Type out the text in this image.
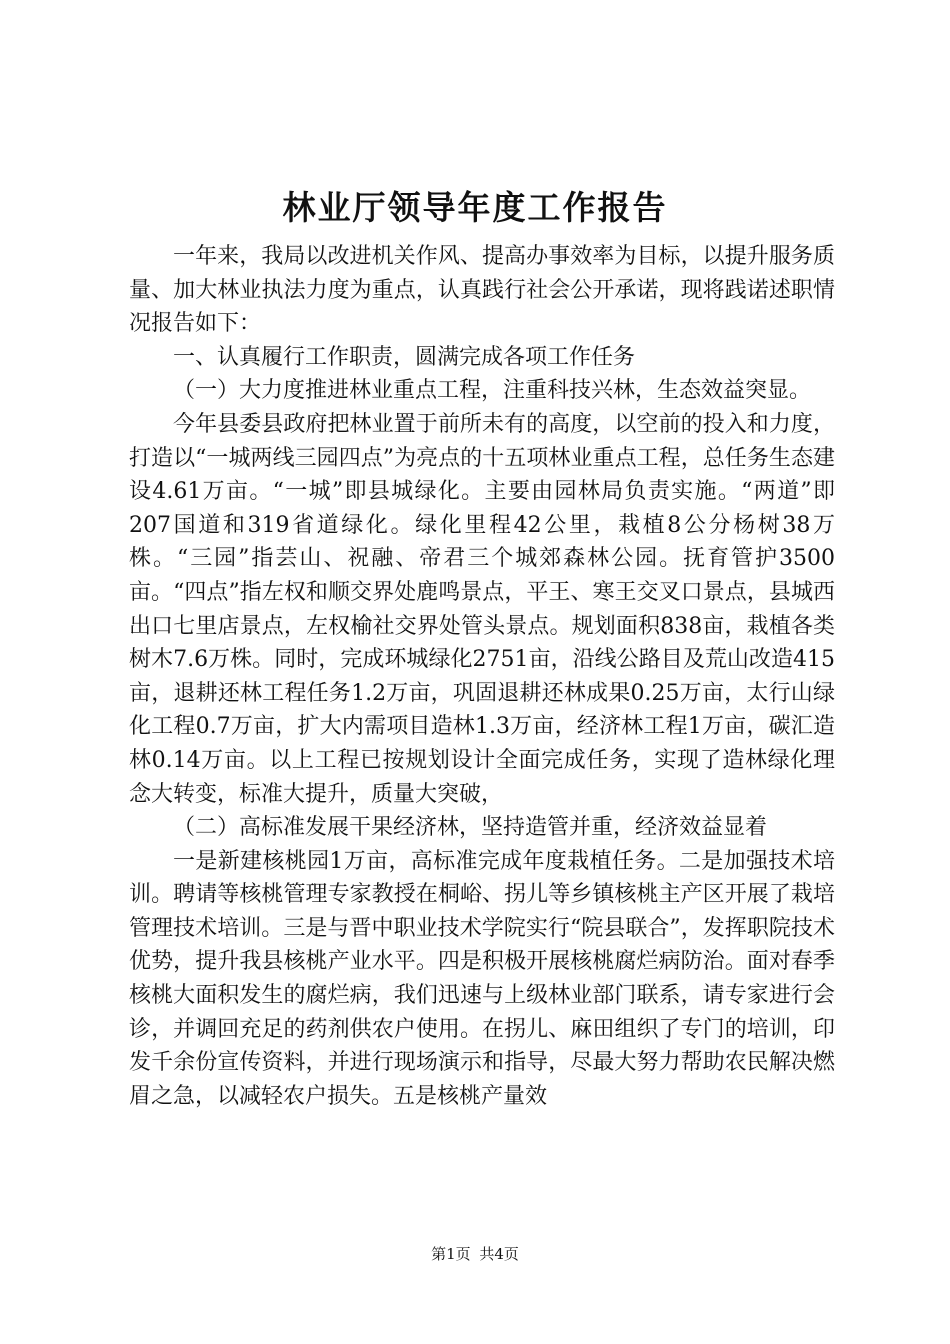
林业厅领导年度工作报告

一年来，我局以改进机关作风、提高办事效率为目标，以提升服务质量、加大林业执法力度为重点，认真践行社会公开承诺，现将践诺述职情况报告如下：

一、认真履行工作职责，圆满完成各项工作任务

（一）大力度推进林业重点工程，注重科技兴林，生态效益突显。

今年县委县政府把林业置于前所未有的高度，以空前的投入和力度，打造以“一城两线三园四点”为亮点的十五项林业重点工程，总任务生态建设4.61万亩。“一城”即县城绿化。主要由园林局负责实施。“两道”即207国道和319省道绿化。绿化里程42公里，栽植8公分杨树38万株。“三园”指芸山、祝融、帝君三个城郊森林公园。抚育管护3500亩。“四点”指左权和顺交界处鹿鸣景点，平王、寒王交叉口景点，县城西出口七里店景点，左权榆社交界处管头景点。规划面积838亩，栽植各类树木7.6万株。同时，完成环城绿化2751亩，沿线公路目及荒山改造415亩，退耕还林工程任务1.2万亩，巩固退耕还林成果0.25万亩，太行山绿化工程0.7万亩，扩大内需项目造林1.3万亩，经济林工程1万亩，碳汇造林0.14万亩。以上工程已按规划设计全面完成任务，实现了造林绿化理念大转变，标准大提升，质量大突破，

（二）高标准发展干果经济林，坚持造管并重，经济效益显着

一是新建核桃园1万亩，高标准完成年度栽植任务。二是加强技术培训。聘请等核桃管理专家教授在桐峪、拐儿等乡镇核桃主产区开展了栽培管理技术培训。三是与晋中职业技术学院实行“院县联合”，发挥职院技术优势，提升我县核桃产业水平。四是积极开展核桃腐烂病防治。面对春季核桃大面积发生的腐烂病，我们迅速与上级林业部门联系，请专家进行会诊，并调回充足的药剂供农户使用。在拐儿、麻田组织了专门的培训，印发千余份宣传资料，并进行现场演示和指导，尽最大努力帮助农民解决燃眉之急，以减轻农户损失。五是核桃产量效

第1页 共4页
